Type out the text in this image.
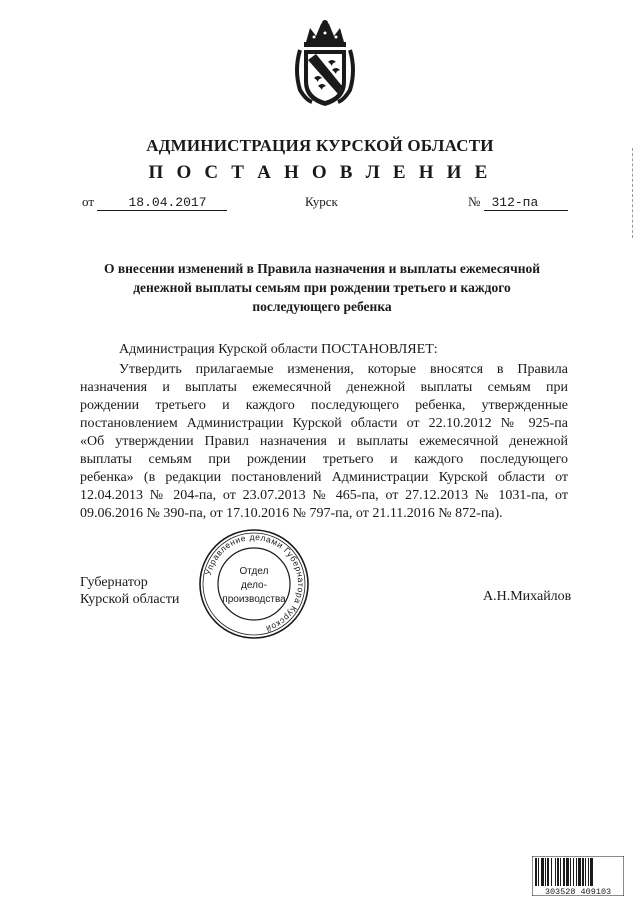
АДМИНИСТРАЦИЯ КУРСКОЙ ОБЛАСТИ
П О С Т А Н О В Л Е Н И Е
от	18.04.2017	Курск	№ 312-па
О внесении изменений в Правила назначения и выплаты ежемесячной
денежной выплаты семьям при рождении третьего и каждого
последующего ребенка
Администрация Курской области ПОСТАНОВЛЯЕТ:
Утвердить прилагаемые изменения, которые вносятся в Правила
назначения и выплаты ежемесячной денежной выплаты семьям при
рождении третьего и каждого последующего ребенка, утвержденные
постановлением Администрации Курской области от 22.10.2012 № 925-па
«Об утверждении Правил назначения и выплаты ежемесячной денежной
выплаты семьям при рождении третьего и каждого последующего
ребенка» (в редакции постановлений Администрации Курской области от
12.04.2013 № 204-па, от 23.07.2013 № 465-па, от 27.12.2013 № 1031-па, от
09.06.2016 № 390-па, от 17.10.2016 № 797-па, от 21.11.2016 № 872-па).
Управление делами Губернатора Курской
Отдел
дело-
производства
Губернатор
Курской области	А.Н.Михайлов
303528 409103
